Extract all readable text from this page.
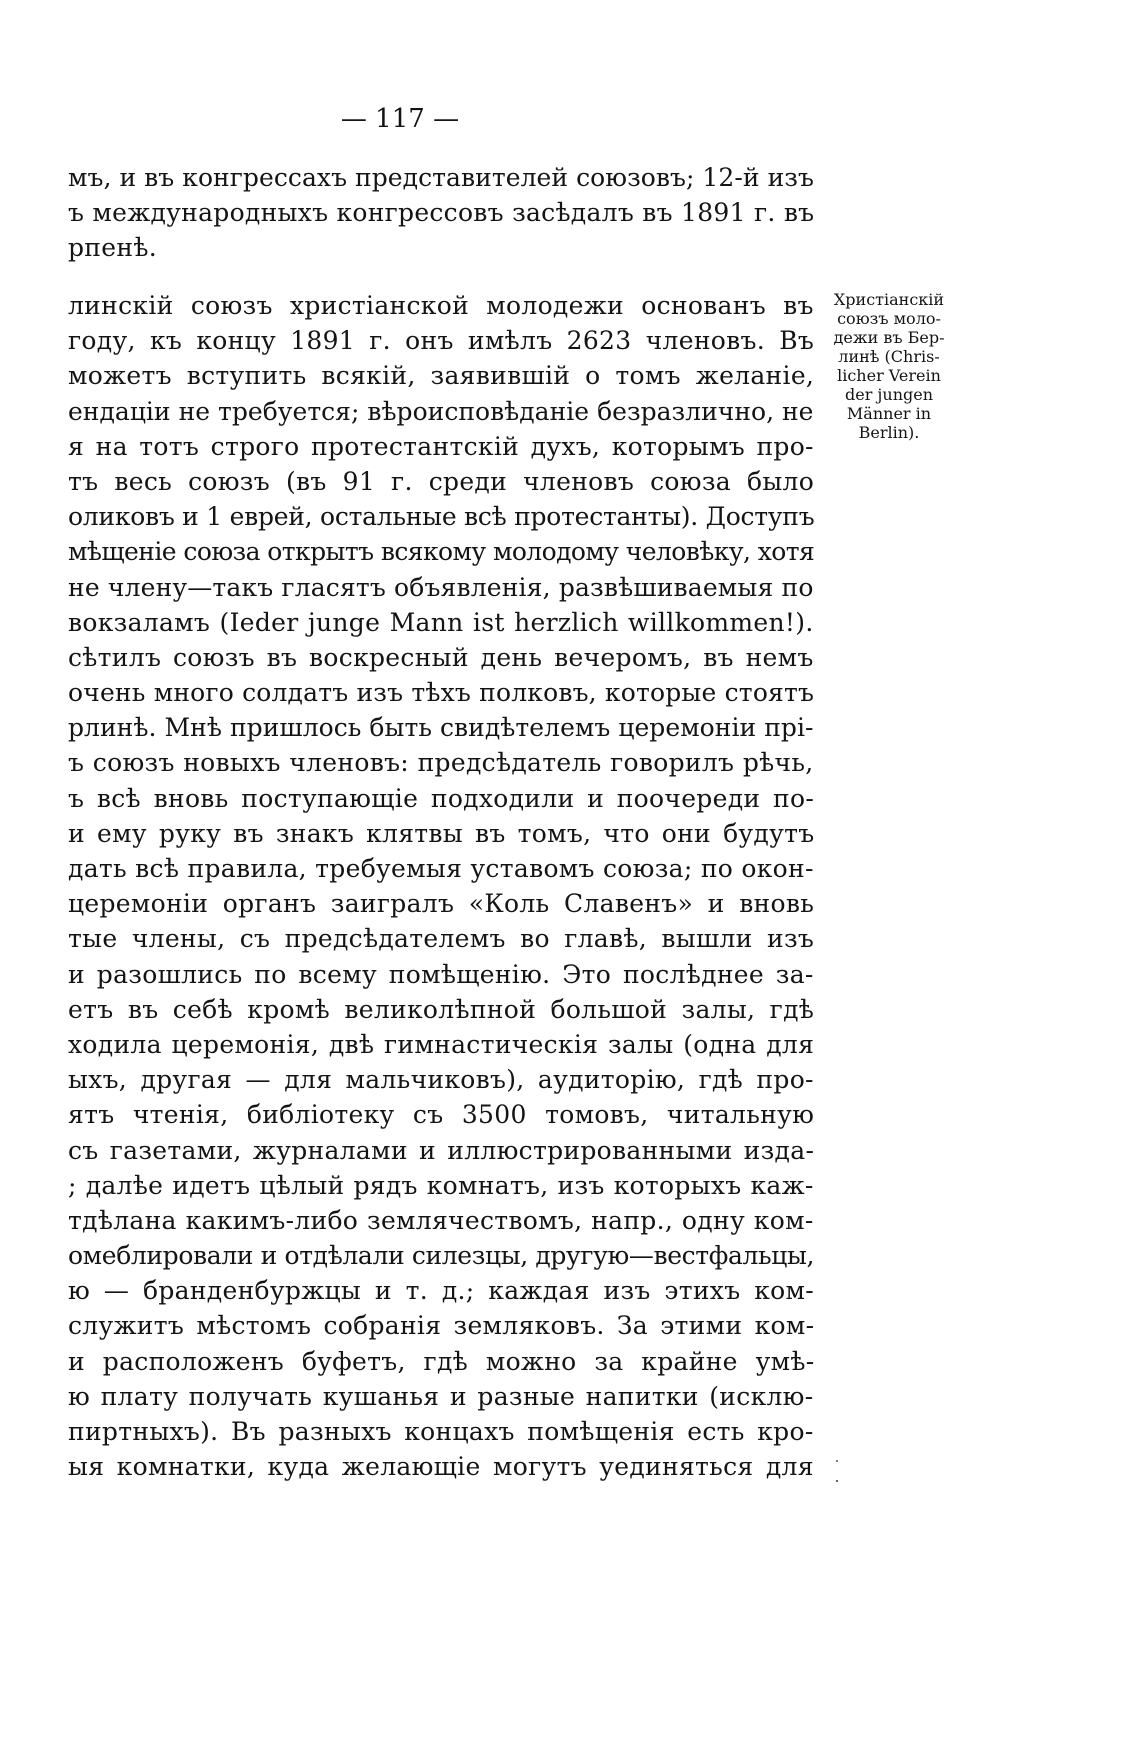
— 117 —
мъ, и въ конгрессахъ представителей союзовъ; 12-й изъ
ъ международныхъ конгрессовъ засѣдалъ въ 1891 г. въ
рпенѣ.
линскій союзъ христіанской молодежи основанъ въ
году, къ концу 1891 г. онъ имѣлъ 2623 членовъ. Въ
можетъ вступить всякій, заявившій о томъ желаніе,
ендаціи не требуется; вѣроисповѣданіе безразлично, не
я на тотъ строго протестантскій духъ, которымъ про-
тъ весь союзъ (въ 91 г. среди членовъ союза было
оликовъ и 1 еврей, остальные всѣ протестанты). Доступъ
мѣщеніе союза открытъ всякому молодому человѣку, хотя
не члену—такъ гласятъ объявленія, развѣшиваемыя по
вокзаламъ (Ieder junge Mann ist herzlich willkommen!).
сѣтилъ союзъ въ воскресный день вечеромъ, въ немъ
очень много солдатъ изъ тѣхъ полковъ, которые стоятъ
рлинѣ. Мнѣ пришлось быть свидѣтелемъ церемоніи прі-
ъ союзъ новыхъ членовъ: предсѣдатель говорилъ рѣчь,
ъ всѣ вновь поступающіе подходили и поочереди по-
и ему руку въ знакъ клятвы въ томъ, что они будутъ
дать всѣ правила, требуемыя уставомъ союза; по окон-
церемоніи органъ заигралъ «Коль Славенъ» и вновь
тые члены, съ предсѣдателемъ во главѣ, вышли изъ
и разошлись по всему помѣщенію. Это послѣднее за-
етъ въ себѣ кромѣ великолѣпной большой залы, гдѣ
ходила церемонія, двѣ гимнастическія залы (одна для
ыхъ, другая — для мальчиковъ), аудиторію, гдѣ про-
ятъ чтенія, библіотеку съ 3500 томовъ, читальную
съ газетами, журналами и иллюстрированными изда-
; далѣе идетъ цѣлый рядъ комнатъ, изъ которыхъ каж-
тдѣлана какимъ-либо землячествомъ, напр., одну ком-
омеблировали и отдѣлали силезцы, другую—вестфальцы,
ю — бранденбуржцы и т. д.; каждая изъ этихъ ком-
служитъ мѣстомъ собранія земляковъ. За этими ком-
и расположенъ буфетъ, гдѣ можно за крайне умѣ-
ю плату получать кушанья и разные напитки (исклю-
пиртныхъ). Въ разныхъ концахъ помѣщенія есть кро-
ыя комнатки, куда желающіе могутъ уединяться для
Христіанскій
союзъ моло-
дежи въ Бер-
линѣ (Chris-
licher Verein
der jungen
Männer in
Berlin).
